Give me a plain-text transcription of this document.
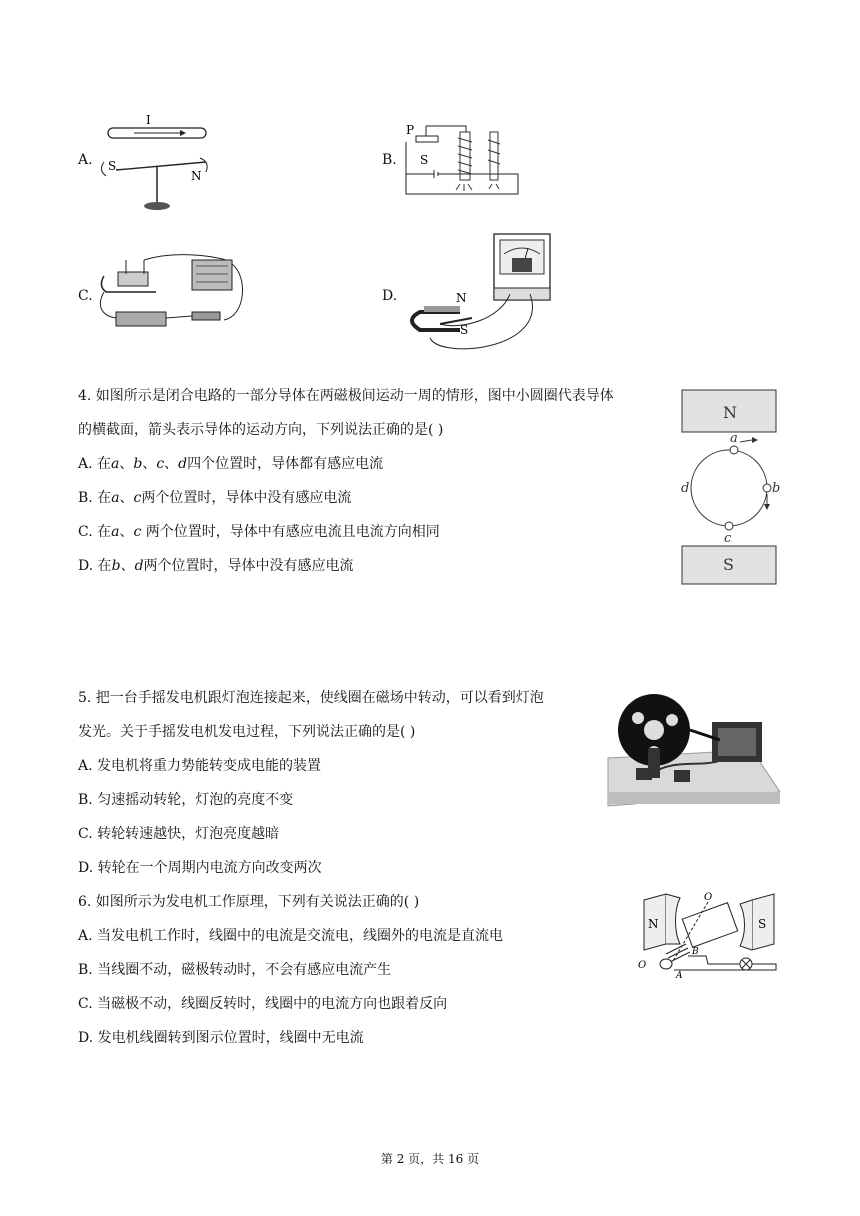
A.
I
S
N
B.
P
S
C.	D.	N
S
4. 如图所示是闭合电路的一部分导体在两磁极间运动一周的情形，图中小圆圈代表导体
的横截面，箭头表示导体的运动方向，下列说法正确的是( )
A. 在𝑎、𝑏、𝑐、𝑑四个位置时，导体都有感应电流
B. 在𝑎、𝑐两个位置时，导体中没有感应电流
C. 在𝑎、𝑐 两个位置时，导体中有感应电流且电流方向相同
D. 在𝑏、𝑑两个位置时，导体中没有感应电流
N
a
b
c
d
S
5. 把一台手摇发电机跟灯泡连接起来，使线圈在磁场中转动，可以看到灯泡
发光。关于手摇发电机发电过程，下列说法正确的是( )
A. 发电机将重力势能转变成电能的装置
B. 匀速摇动转轮，灯泡的亮度不变
C. 转轮转速越快，灯泡亮度越暗
D. 转轮在一个周期内电流方向改变两次
6. 如图所示为发电机工作原理，下列有关说法正确的( )
A. 当发电机工作时，线圈中的电流是交流电，线圈外的电流是直流电
B. 当线圈不动，磁极转动时，不会有感应电流产生
C. 当磁极不动，线圈反转时，线圈中的电流方向也跟着反向
D. 发电机线圈转到图示位置时，线圈中无电流
N	S
O
O
B
A
第 2 页，共 16 页
